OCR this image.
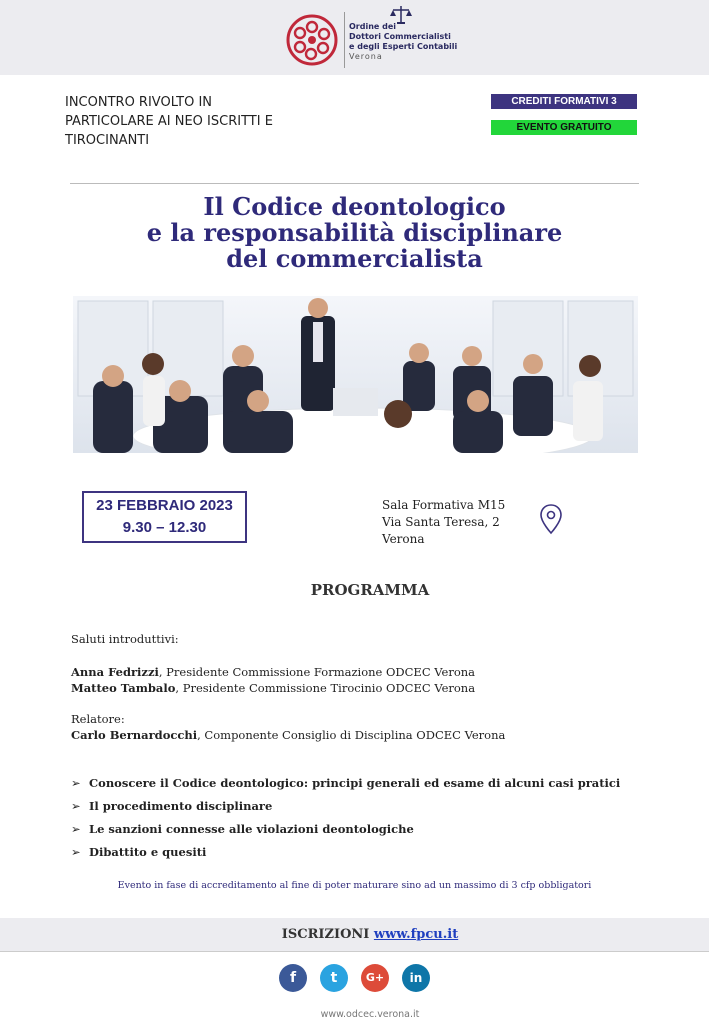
Ordine dei
Dottori Commercialisti
e degli Esperti Contabili
Verona
INCONTRO RIVOLTO IN PARTICOLARE AI NEO ISCRITTI E TIROCINANTI
CREDITI FORMATIVI 3
EVENTO GRATUITO
Il Codice deontologico
e la responsabilità disciplinare
del commercialista
23 FEBBRAIO 2023
9.30 – 12.30
Sala Formativa M15
Via Santa Teresa, 2
Verona
PROGRAMMA
Saluti introduttivi:
Anna Fedrizzi, Presidente Commissione Formazione ODCEC Verona
Matteo Tambalo, Presidente Commissione Tirocinio ODCEC Verona
Relatore:
Carlo Bernardocchi, Componente Consiglio di Disciplina ODCEC Verona
➢ Conoscere il Codice deontologico: principi generali ed esame di alcuni casi pratici
➢ Il procedimento disciplinare
➢ Le sanzioni connesse alle violazioni deontologiche
➢ Dibattito e quesiti
Evento in fase di accreditamento al fine di poter maturare sino ad un massimo di 3 cfp obbligatori
ISCRIZIONI www.fpcu.it
f	t	G+	in
www.odcec.verona.it
